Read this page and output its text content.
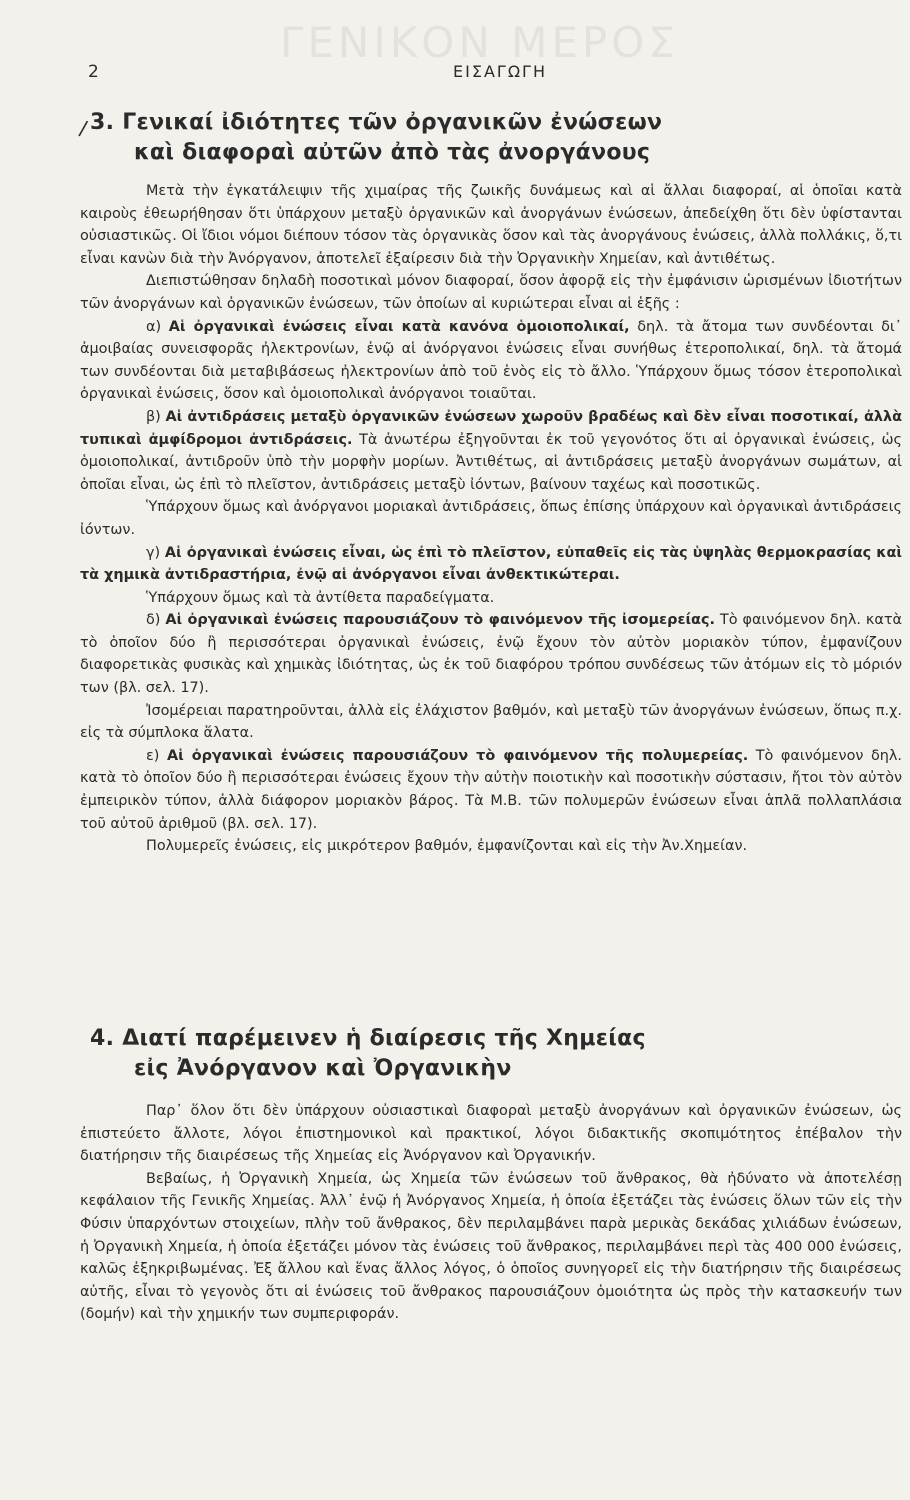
ΓΕΝΙΚΟΝ ΜΕΡΟΣ
2	ΕΙΣΑΓΩΓΗ
/ 3. Γενικαί ἰδιότητες τῶν ὀργανικῶν ἐνώσεων
καὶ διαφοραὶ αὐτῶν ἀπὸ τὰς ἀνοργάνους

Μετὰ τὴν ἐγκατάλειψιν τῆς χιμαίρας τῆς ζωικῆς δυνάμεως καὶ αἱ ἄλλαι διαφοραί, αἱ ὁποῖαι κατὰ καιροὺς ἐθεωρήθησαν ὅτι ὑπάρχουν μεταξὺ ὀργανικῶν καὶ ἀνοργάνων ἐνώσεων, ἀπεδείχθη ὅτι δὲν ὑφίστανται οὐσιαστικῶς. Οἱ ἴδιοι νόμοι διέπουν τόσον τὰς ὀργανικὰς ὅσον καὶ τὰς ἀνοργάνους ἐνώσεις, ἀλλὰ πολλάκις, ὅ,τι εἶναι κανὼν διὰ τὴν Ἀνόργανον, ἀποτελεῖ ἐξαίρεσιν διὰ τὴν Ὀργανικὴν Χημείαν, καὶ ἀντιθέτως.

Διεπιστώθησαν δηλαδὴ ποσοτικαὶ μόνον διαφοραί, ὅσον ἀφορᾷ εἰς τὴν ἐμφάνισιν ὡρισμένων ἰδιοτήτων τῶν ἀνοργάνων καὶ ὀργανικῶν ἐνώσεων, τῶν ὁποίων αἱ κυριώτεραι εἶναι αἱ ἑξῆς :

α) Αἱ ὀργανικαὶ ἐνώσεις εἶναι κατὰ κανόνα ὁμοιοπολικαί, δηλ. τὰ ἄτομα των συνδέονται δι᾽ ἀμοιβαίας συνεισφορᾶς ἠλεκτρονίων, ἐνῷ αἱ ἀνόργανοι ἐνώσεις εἶναι συνήθως ἑτεροπολικαί, δηλ. τὰ ἄτομά των συνδέονται διὰ μεταβιβάσεως ἠλεκτρονίων ἀπὸ τοῦ ἑνὸς εἰς τὸ ἄλλο. Ὑπάρχουν ὅμως τόσον ἑτεροπολικαὶ ὀργανικαὶ ἐνώσεις, ὅσον καὶ ὁμοιοπολικαὶ ἀνόργανοι τοιαῦται.

β) Αἱ ἀντιδράσεις μεταξὺ ὀργανικῶν ἐνώσεων χωροῦν βραδέως καὶ δὲν εἶναι ποσοτικαί, ἀλλὰ τυπικαὶ ἀμφίδρομοι ἀντιδράσεις. Τὰ ἀνωτέρω ἐξηγοῦνται ἐκ τοῦ γεγονότος ὅτι αἱ ὀργανικαὶ ἐνώσεις, ὡς ὁμοιοπολικαί, ἀντιδροῦν ὑπὸ τὴν μορφὴν μορίων. Ἀντιθέτως, αἱ ἀντιδράσεις μεταξὺ ἀνοργάνων σωμάτων, αἱ ὁποῖαι εἶναι, ὡς ἐπὶ τὸ πλεῖστον, ἀντιδράσεις μεταξὺ ἰόντων, βαίνουν ταχέως καὶ ποσοτικῶς.

Ὑπάρχουν ὅμως καὶ ἀνόργανοι μοριακαὶ ἀντιδράσεις, ὅπως ἐπίσης ὑπάρχουν καὶ ὀργανικαὶ ἀντιδράσεις ἰόντων.

γ) Αἱ ὀργανικαὶ ἐνώσεις εἶναι, ὡς ἐπὶ τὸ πλεῖστον, εὐπαθεῖς εἰς τὰς ὑψηλὰς θερμοκρασίας καὶ τὰ χημικὰ ἀντιδραστήρια, ἐνῷ αἱ ἀνόργανοι εἶναι ἀνθεκτικώτεραι.

Ὑπάρχουν ὅμως καὶ τὰ ἀντίθετα παραδείγματα.

δ) Αἱ ὀργανικαὶ ἐνώσεις παρουσιάζουν τὸ φαινόμενον τῆς ἰσομερείας. Τὸ φαινόμενον δηλ. κατὰ τὸ ὁποῖον δύο ἢ περισσότεραι ὀργανικαὶ ἐνώσεις, ἐνῷ ἔχουν τὸν αὐτὸν μοριακὸν τύπον, ἐμφανίζουν διαφορετικὰς φυσικὰς καὶ χημικὰς ἰδιότητας, ὡς ἐκ τοῦ διαφόρου τρόπου συνδέσεως τῶν ἀτόμων εἰς τὸ μόριόν των (βλ. σελ. 17).

Ἰσομέρειαι παρατηροῦνται, ἀλλὰ εἰς ἐλάχιστον βαθμόν, καὶ μεταξὺ τῶν ἀνοργάνων ἐνώσεων, ὅπως π.χ. εἰς τὰ σύμπλοκα ἅλατα.

ε) Αἱ ὀργανικαὶ ἐνώσεις παρουσιάζουν τὸ φαινόμενον τῆς πολυμερείας. Τὸ φαινόμενον δηλ. κατὰ τὸ ὁποῖον δύο ἢ περισσότεραι ἐνώσεις ἔχουν τὴν αὐτὴν ποιοτικὴν καὶ ποσοτικὴν σύστασιν, ἤτοι τὸν αὐτὸν ἐμπειρικὸν τύπον, ἀλλὰ διάφορον μοριακὸν βάρος. Τὰ Μ.Β. τῶν πολυμερῶν ἐνώσεων εἶναι ἁπλᾶ πολλαπλάσια τοῦ αὐτοῦ ἀριθμοῦ (βλ. σελ. 17).

Πολυμερεῖς ἐνώσεις, εἰς μικρότερον βαθμόν, ἐμφανίζονται καὶ εἰς τὴν Ἀν.Χημείαν.

4. Διατί παρέμεινεν ἡ διαίρεσις τῆς Χημείας
εἰς Ἀνόργανον καὶ Ὀργανικὴν

Παρ᾽ ὅλον ὅτι δὲν ὑπάρχουν οὐσιαστικαὶ διαφοραὶ μεταξὺ ἀνοργάνων καὶ ὀργανικῶν ἐνώσεων, ὡς ἐπιστεύετο ἄλλοτε, λόγοι ἐπιστημονικοὶ καὶ πρακτικοί, λόγοι διδακτικῆς σκοπιμότητος ἐπέβαλον τὴν διατήρησιν τῆς διαιρέσεως τῆς Χημείας εἰς Ἀνόργανον καὶ Ὀργανικήν.

Βεβαίως, ἡ Ὀργανικὴ Χημεία, ὡς Χημεία τῶν ἐνώσεων τοῦ ἄνθρακος, θὰ ἠδύνατο νὰ ἀποτελέσῃ κεφάλαιον τῆς Γενικῆς Χημείας. Ἀλλ᾽ ἐνῷ ἡ Ἀνόργανος Χημεία, ἡ ὁποία ἐξετάζει τὰς ἐνώσεις ὅλων τῶν εἰς τὴν Φύσιν ὑπαρχόντων στοιχείων, πλὴν τοῦ ἄνθρακος, δὲν περιλαμβάνει παρὰ μερικὰς δεκάδας χιλιάδων ἐνώσεων, ἡ Ὀργανικὴ Χημεία, ἡ ὁποία ἐξετάζει μόνον τὰς ἐνώσεις τοῦ ἄνθρακος, περιλαμβάνει περὶ τὰς 400 000 ἐνώσεις, καλῶς ἐξηκριβωμένας. Ἐξ ἄλλου καὶ ἕνας ἄλλος λόγος, ὁ ὁποῖος συνηγορεῖ εἰς τὴν διατήρησιν τῆς διαιρέσεως αὐτῆς, εἶναι τὸ γεγονὸς ὅτι αἱ ἐνώσεις τοῦ ἄνθρακος παρουσιάζουν ὁμοιότητα ὡς πρὸς τὴν κατασκευήν των (δομήν) καὶ τὴν χημικήν των συμπεριφοράν.
